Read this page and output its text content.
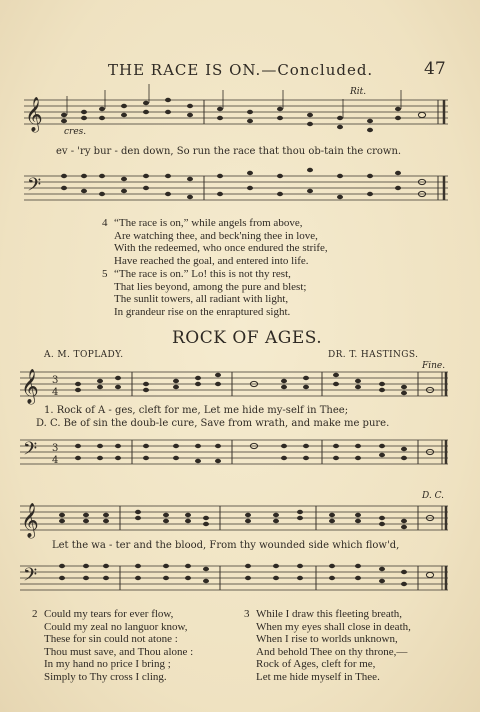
THE RACE IS ON.—Concluded.	47
𝄞 cres.
Rit.
ev - 'ry bur - den down, So run the race that thou ob-tain the crown.
𝄢
4 “The race is on,” while angels from above,
Are watching thee, and beck'ning thee in love,
With the redeemed, who once endured the strife,
Have reached the goal, and entered into life.
5 “The race is on.” Lo! this is not thy rest,
That lies beyond, among the pure and blest;
The sunlit towers, all radiant with light,
In grandeur rise on the enraptured sight.
ROCK OF AGES.
A. M. TOPLADY.	DR. T. HASTINGS.
Fine.
𝄞 3
4
1. Rock of A - ges, cleft for me, Let me hide my-self in Thee;
D. C. Be of sin the doub-le cure, Save from wrath, and make me pure.
𝄢 3
4
D. C.
𝄞
Let the wa - ter and the blood, From thy wounded side which flow'd,
𝄢
2 Could my tears for ever flow,
Could my zeal no languor know,
These for sin could not atone :
Thou must save, and Thou alone :
In my hand no price I bring ;
Simply to Thy cross I cling.
3 While I draw this fleeting breath,
When my eyes shall close in death,
When I rise to worlds unknown,
And behold Thee on thy throne,—
Rock of Ages, cleft for me,
Let me hide myself in Thee.
